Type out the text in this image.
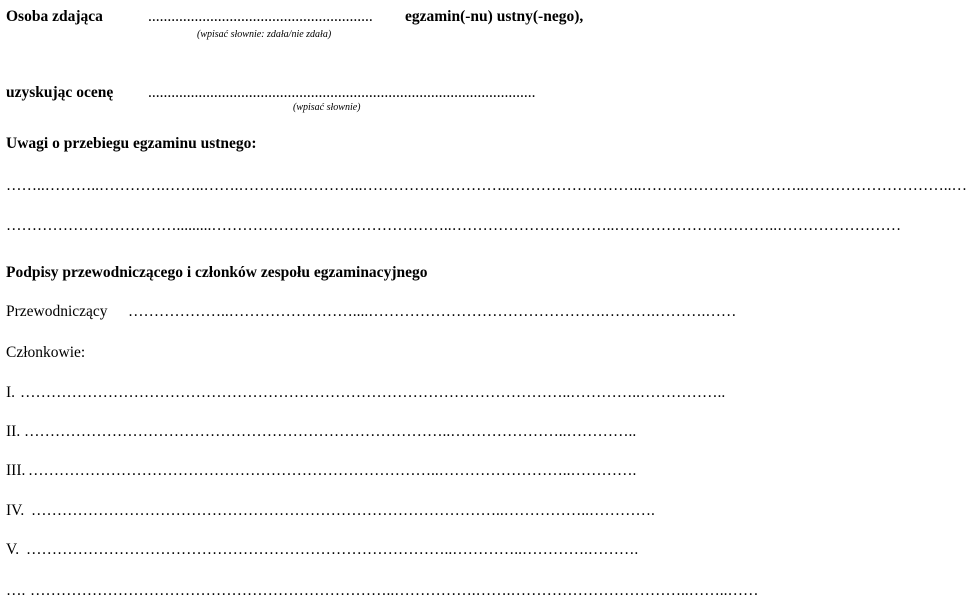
Osoba zdająca	..........................................................	egzamin(-nu) ustny(-nego),
(wpisać słownie: zdała/nie zdała)
uzyskując ocenę ....................................................................................................
(wpisać słownie)
Uwagi o przebiegu egzaminu ustnego:
……..………..………….……..…….………..…………..………………………..……………………..…………………………..………………………..…
…………………………….........………………………………………..…………………………..…………………………..……………………
Podpisy przewodniczącego i członków zespołu egzaminacyjnego
Przewodniczący ………………..……………………....……………………………………….……….……….……
Członkowie:
I. ……………………………………………………………………………………………..…………..……………..
II. ………………………………………………………………………..…………………..…………..
III. ……………………………………………………………………..……………………..………….
IV. ………………………………………………………………………………..……………..………….
V. ………………………………………………………………………..…………..………….……….
…. ……………………………………………………………..…………….…….……………………………..……..……
